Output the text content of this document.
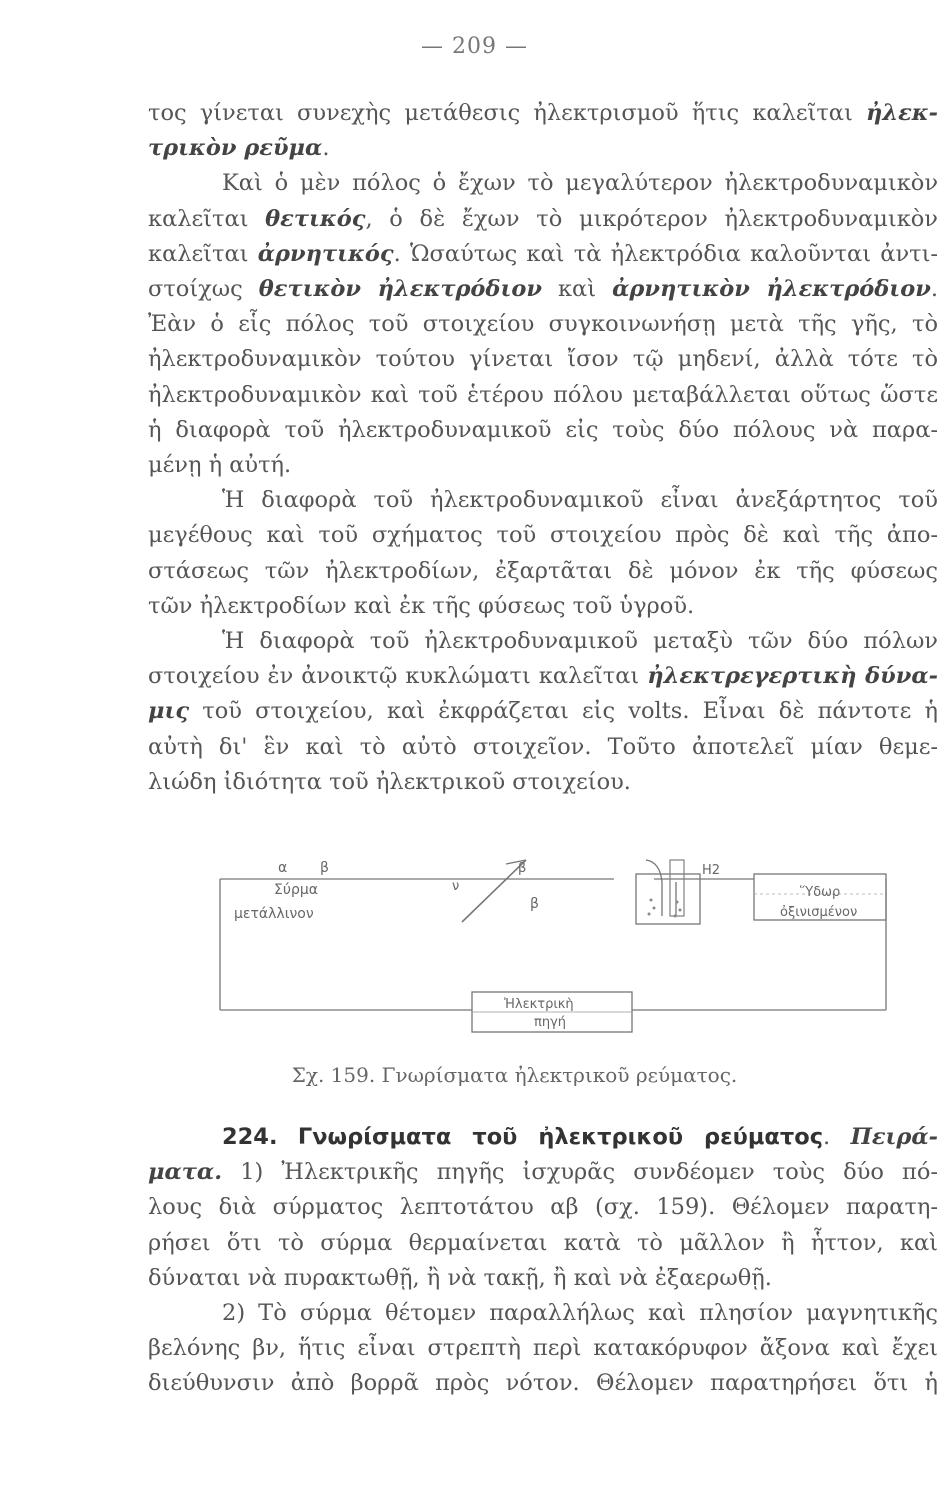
— 209 —
τος γίνεται συνεχὴς μετάθεσις ἠλεκτρισμοῦ ἥτις καλεῖται ἠλεκ-
τρικὸν ρεῦμα.
Καὶ ὁ μὲν πόλος ὁ ἔχων τὸ μεγαλύτερον ἠλεκτροδυναμικὸν
καλεῖται θετικός, ὁ δὲ ἔχων τὸ μικρότερον ἠλεκτροδυναμικὸν
καλεῖται ἀρνητικός. Ὡσαύτως καὶ τὰ ἠλεκτρόδια καλοῦνται ἀντι-
στοίχως θετικὸν ἠλεκτρόδιον καὶ ἀρνητικὸν ἠλεκτρόδιον.
Ἐὰν ὁ εἷς πόλος τοῦ στοιχείου συγκοινωνήσῃ μετὰ τῆς γῆς, τὸ
ἠλεκτροδυναμικὸν τούτου γίνεται ἴσον τῷ μηδενί, ἀλλὰ τότε τὸ
ἠλεκτροδυναμικὸν καὶ τοῦ ἑτέρου πόλου μεταβάλλεται οὕτως ὥστε
ἡ διαφορὰ τοῦ ἠλεκτροδυναμικοῦ εἰς τοὺς δύο πόλους νὰ παρα-
μένῃ ἡ αὐτή.
Ἡ διαφορὰ τοῦ ἠλεκτροδυναμικοῦ εἶναι ἀνεξάρτητος τοῦ
μεγέθους καὶ τοῦ σχήματος τοῦ στοιχείου πρὸς δὲ καὶ τῆς ἀπο-
στάσεως τῶν ἠλεκτροδίων, ἐξαρτᾶται δὲ μόνον ἐκ τῆς φύσεως
τῶν ἠλεκτροδίων καὶ ἐκ τῆς φύσεως τοῦ ὑγροῦ.
Ἡ διαφορὰ τοῦ ἠλεκτροδυναμικοῦ μεταξὺ τῶν δύο πόλων
στοιχείου ἐν ἀνοικτῷ κυκλώματι καλεῖται ἠλεκτρεγερτικὴ δύνα-
μις τοῦ στοιχείου, καὶ ἐκφράζεται εἰς volts. Εἶναι δὲ πάντοτε ἡ
αὐτὴ δι' ἓν καὶ τὸ αὐτὸ στοιχεῖον. Τοῦτο ἀποτελεῖ μίαν θεμε-
λιώδη ἰδιότητα τοῦ ἠλεκτρικοῦ στοιχείου.
α β
Σύρμα
μετάλλινον
β
ν
β
H2
Ὕδωρ
ὀξινισμένον
Ἠλεκτρικὴ
πηγή
Σχ. 159. Γνωρίσματα ἠλεκτρικοῦ ρεύματος.
224. Γνωρίσματα τοῦ ἠλεκτρικοῦ ρεύματος. Πειρά-
ματα. 1) Ἠλεκτρικῆς πηγῆς ἰσχυρᾶς συνδέομεν τοὺς δύο πό-
λους διὰ σύρματος λεπτοτάτου αβ (σχ. 159). Θέλομεν παρατη-
ρήσει ὅτι τὸ σύρμα θερμαίνεται κατὰ τὸ μᾶλλον ἢ ἧττον, καὶ
δύναται νὰ πυρακτωθῇ, ἢ νὰ τακῇ, ἢ καὶ νὰ ἐξαερωθῇ.
2) Τὸ σύρμα θέτομεν παραλλήλως καὶ πλησίον μαγνητικῆς
βελόνης βν, ἥτις εἶναι στρεπτὴ περὶ κατακόρυφον ἄξονα καὶ ἔχει
διεύθυνσιν ἀπὸ βορρᾶ πρὸς νότον. Θέλομεν παρατηρήσει ὅτι ἡ
